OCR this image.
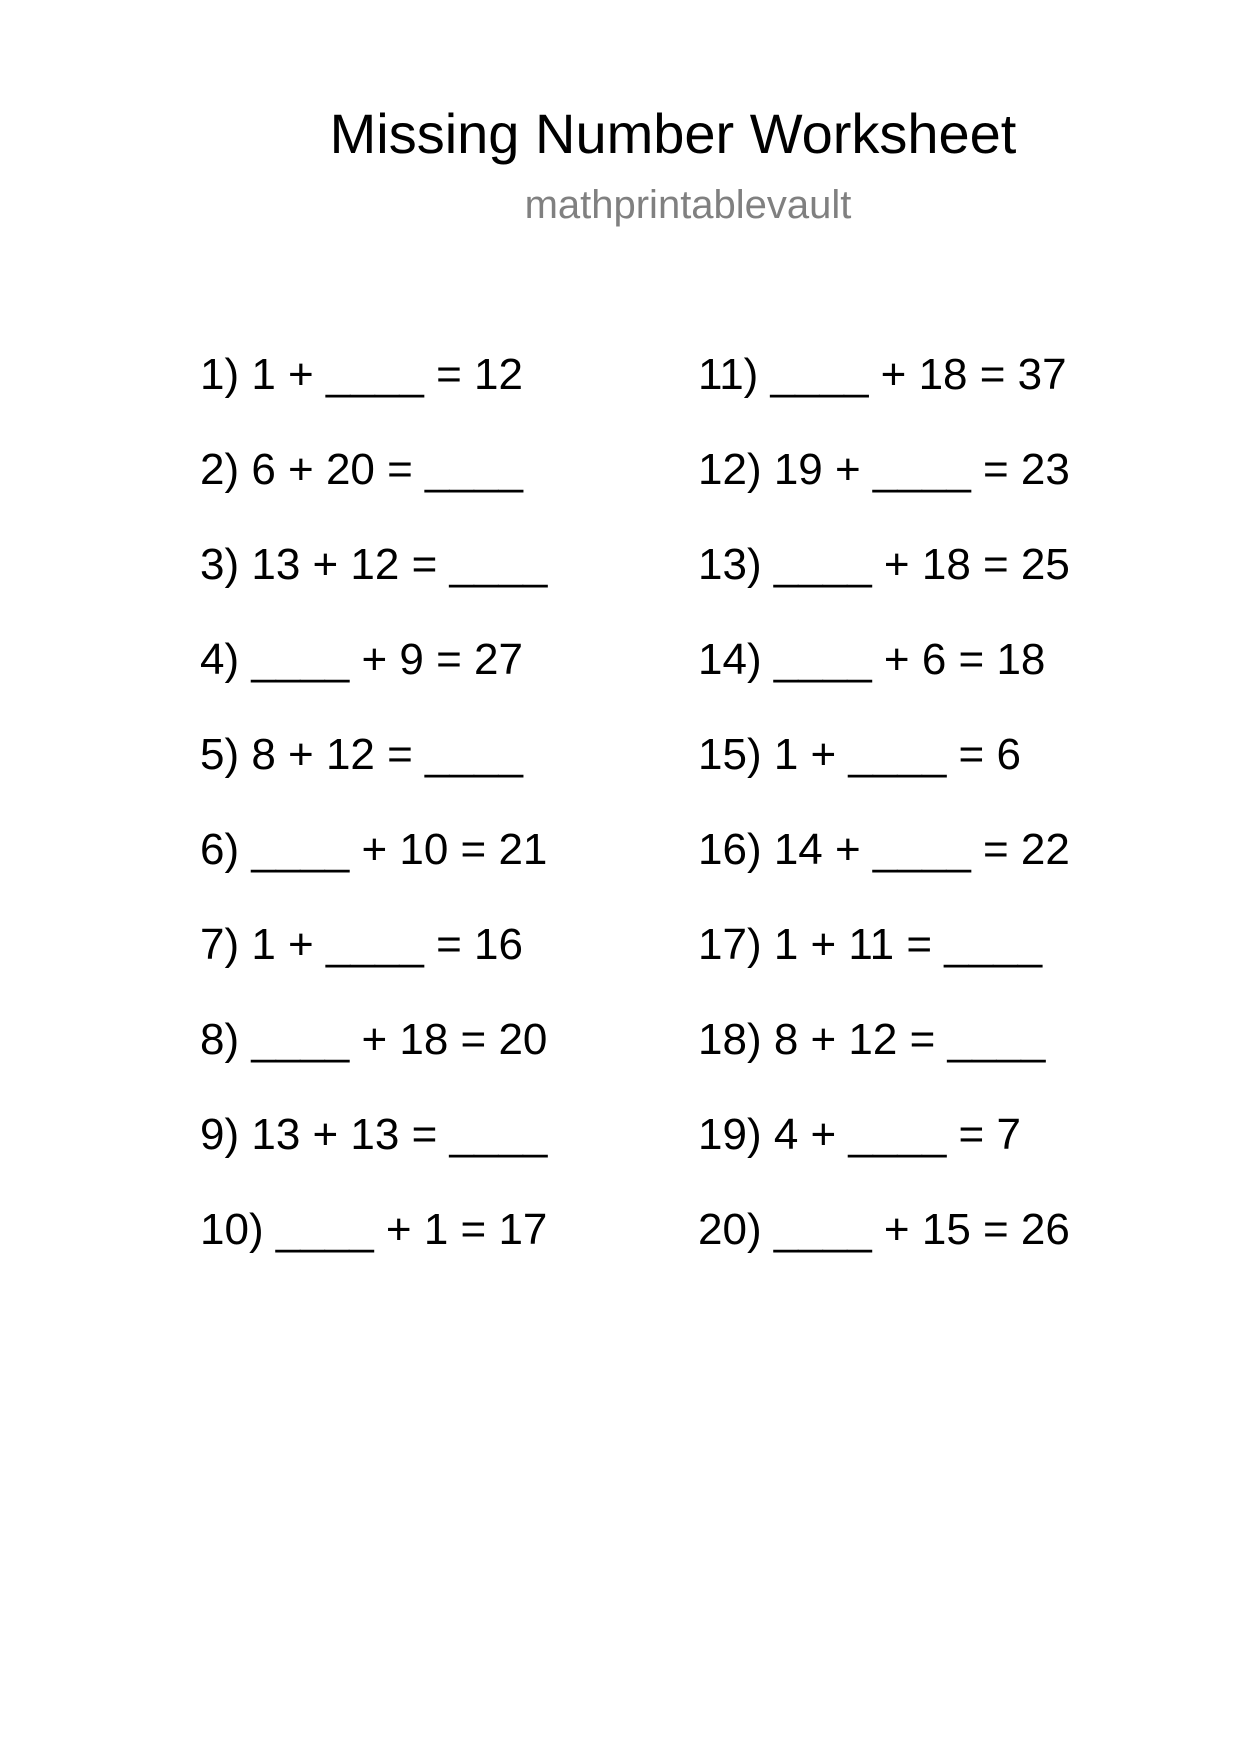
Missing Number Worksheet
mathprintablevault
1) 1 + ____ = 12
2) 6 + 20 = ____
3) 13 + 12 = ____
4) ____ + 9 = 27
5) 8 + 12 = ____
6) ____ + 10 = 21
7) 1 + ____ = 16
8) ____ + 18 = 20
9) 13 + 13 = ____
10) ____ + 1 = 17
11) ____ + 18 = 37
12) 19 + ____ = 23
13) ____ + 18 = 25
14) ____ + 6 = 18
15) 1 + ____ = 6
16) 14 + ____ = 22
17) 1 + 11 = ____
18) 8 + 12 = ____
19) 4 + ____ = 7
20) ____ + 15 = 26
